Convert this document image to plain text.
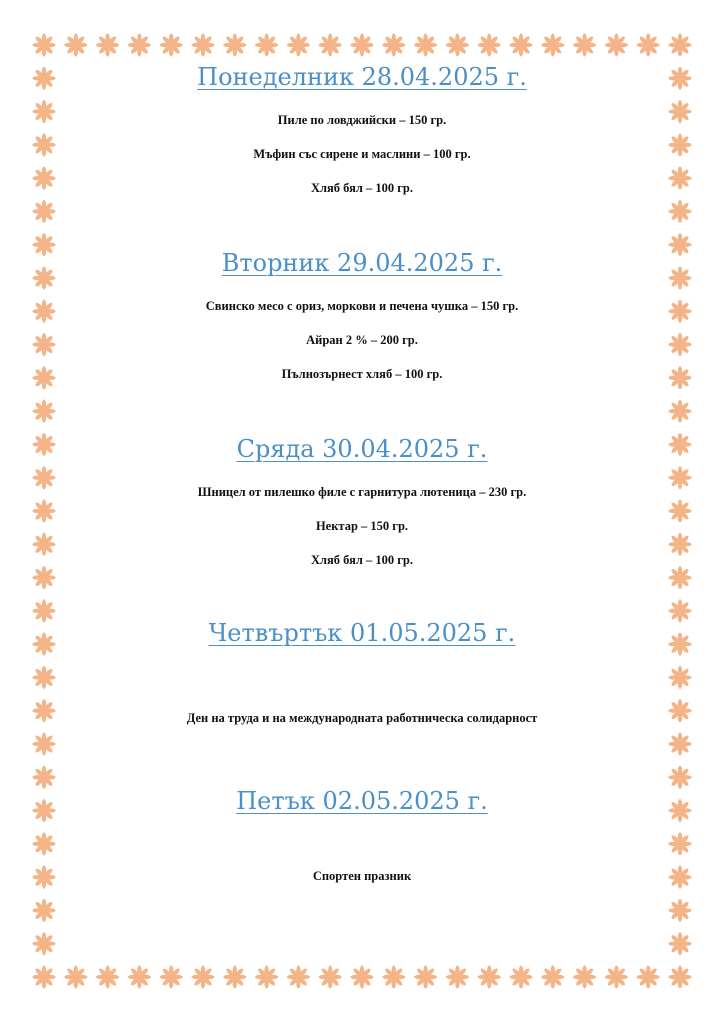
Понеделник 28.04.2025 г.

Пиле по ловджийски – 150 гр.

Мъфин със сирене и маслини – 100 гр.

Хляб бял – 100 гр.

Вторник 29.04.2025 г.

Свинско месо с ориз, моркови и печена чушка – 150 гр.

Айран 2 % – 200 гр.

Пълнозърнест хляб – 100 гр.

Сряда 30.04.2025 г.

Шницел от пилешко филе с гарнитура лютеница – 230 гр.

Нектар – 150 гр.

Хляб бял – 100 гр.

Четвъртък 01.05.2025 г.

Ден на труда и на международната работническа солидарност

Петък 02.05.2025 г.

Спортен празник
